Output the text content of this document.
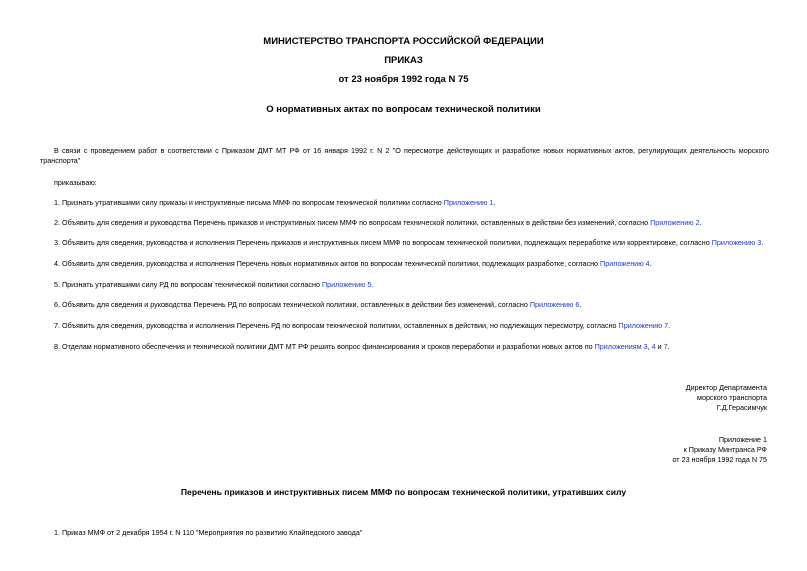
МИНИСТЕРСТВО ТРАНСПОРТА РОССИЙСКОЙ ФЕДЕРАЦИИ
ПРИКАЗ
от 23 ноября 1992 года N 75
О нормативных актах по вопросам технической политики
В связи с проведением работ в соответствии с Приказом ДМТ МТ РФ от 16 января 1992 г. N 2 "О пересмотре действующих и разработке новых нормативных актов, регулирующих деятельность морского транспорта"
приказываю:
1. Признать утратившими силу приказы и инструктивные письма ММФ по вопросам технической политики согласно Приложению 1.
2. Объявить для сведения и руководства Перечень приказов и инструктивных писем ММФ по вопросам технической политики, оставленных в действии без изменений, согласно Приложению 2.
3. Объявить для сведения, руководства и исполнения Перечень приказов и инструктивных писем ММФ по вопросам технической политики, подлежащих переработке или корректировке, согласно Приложению 3.
4. Объявить для сведения, руководства и исполнения Перечень новых нормативных актов по вопросам технической политики, подлежащих разработке, согласно Приложению 4.
5. Признать утратившими силу РД по вопросам технической политики согласно Приложению 5.
6. Объявить для сведения и руководства Перечень РД по вопросам технической политики, оставленных в действии без изменений, согласно Приложению 6.
7. Объявить для сведения, руководства и исполнения Перечень РД по вопросам технической политики, оставленных в действии, но подлежащих пересмотру, согласно Приложению 7.
8. Отделам нормативного обеспечения и технической политики ДМТ МТ РФ решить вопрос финансирования и сроков переработки и разработки новых актов по Приложениям 3, 4 и 7.
Директор Департамента
морского транспорта
Г.Д.Герасимчук
Приложение 1
к Приказу Минтранса РФ
от 23 ноября 1992 года N 75
Перечень приказов и инструктивных писем ММФ по вопросам технической политики, утративших силу
1. Приказ ММФ от 2 декабря 1954 г. N 110 "Мероприятия по развитию Клайпедского завода"
